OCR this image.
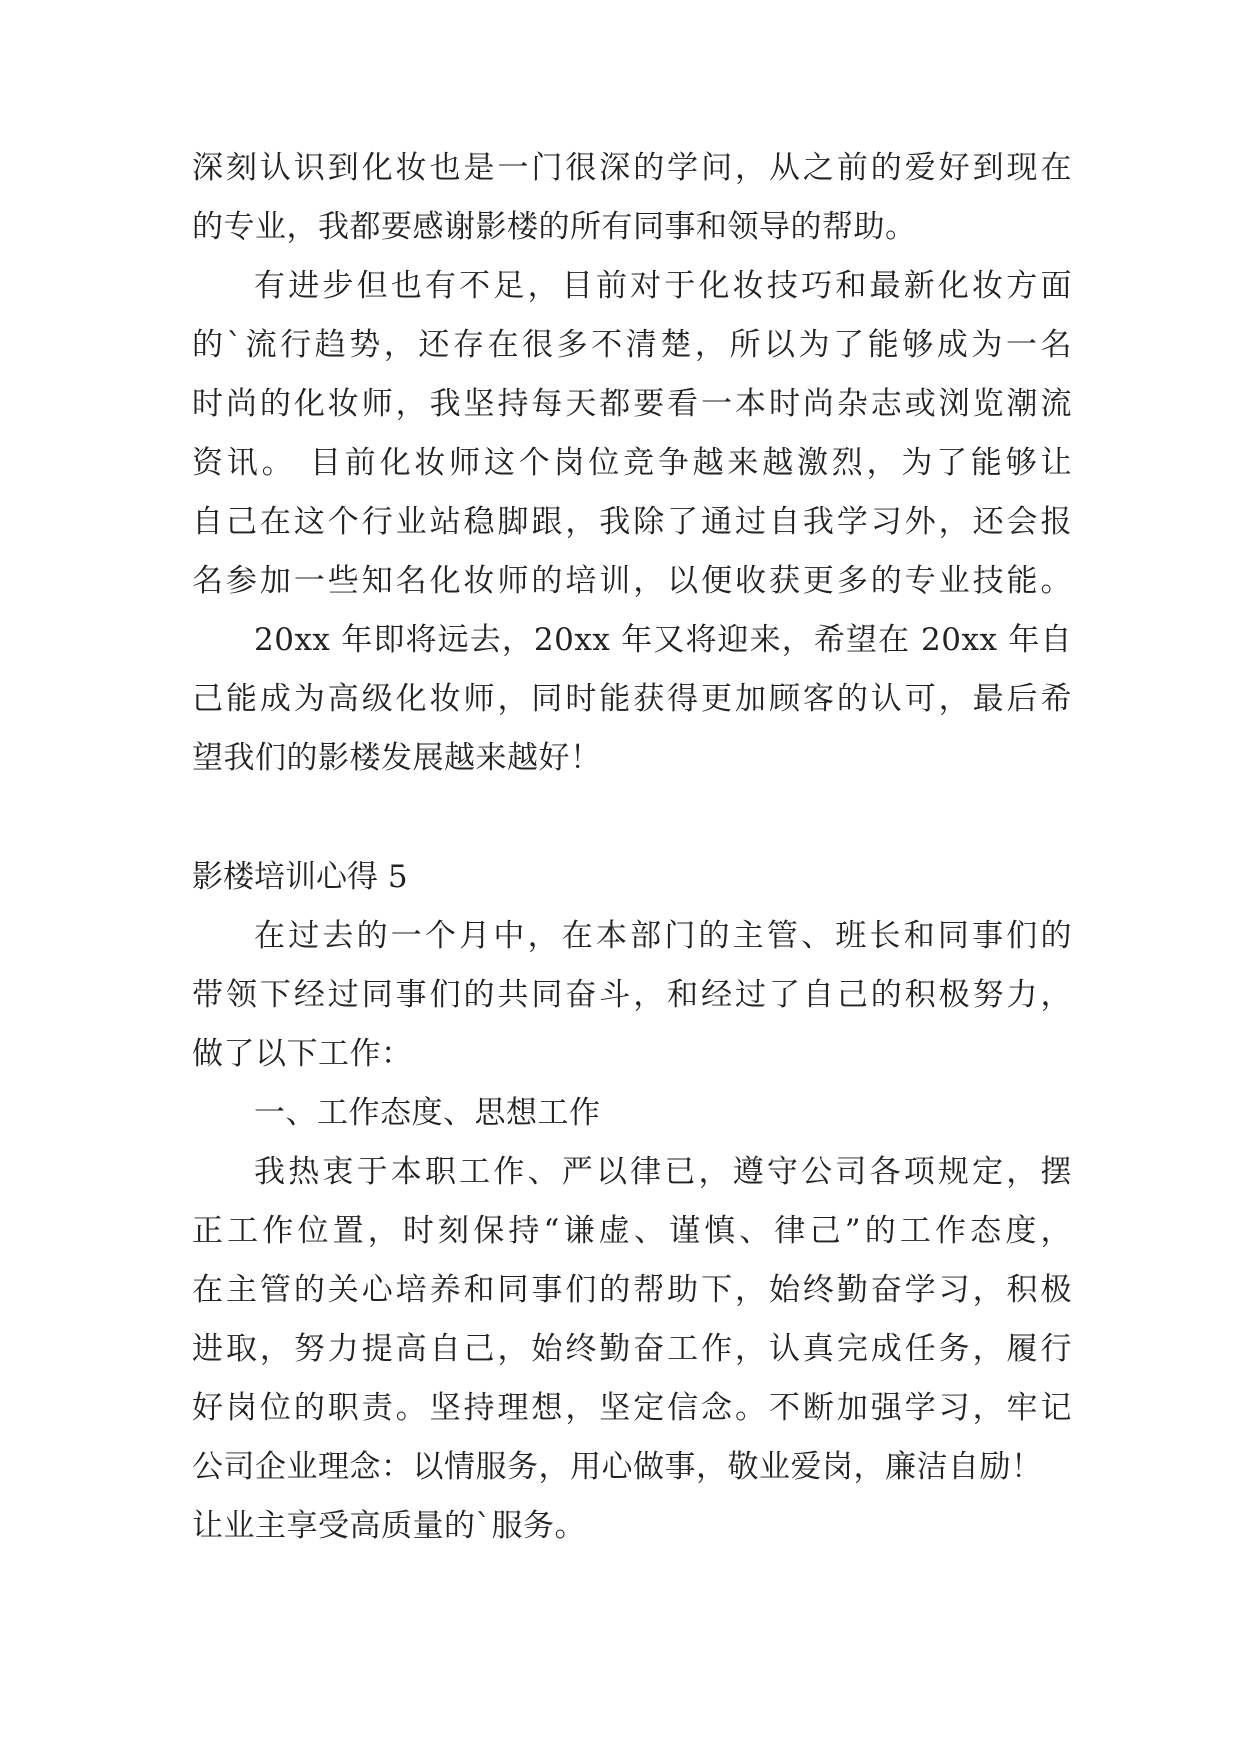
深刻认识到化妆也是一门很深的学问，从之前的爱好到现在
的专业，我都要感谢影楼的所有同事和领导的帮助。
有进步但也有不足，目前对于化妆技巧和最新化妆方面
的`流行趋势，还存在很多不清楚，所以为了能够成为一名
时尚的化妆师，我坚持每天都要看一本时尚杂志或浏览潮流
资讯。 目前化妆师这个岗位竞争越来越激烈，为了能够让
自己在这个行业站稳脚跟，我除了通过自我学习外，还会报
名参加一些知名化妆师的培训，以便收获更多的专业技能。
20xx 年即将远去，20xx 年又将迎来，希望在 20xx 年自
己能成为高级化妆师，同时能获得更加顾客的认可，最后希
望我们的影楼发展越来越好！
影楼培训心得 5
在过去的一个月中，在本部门的主管、班长和同事们的
带领下经过同事们的共同奋斗，和经过了自己的积极努力，
做了以下工作：
一、工作态度、思想工作
我热衷于本职工作、严以律已，遵守公司各项规定，摆
正工作位置，时刻保持“谦虚、谨慎、律己”的工作态度，
在主管的关心培养和同事们的帮助下，始终勤奋学习，积极
进取，努力提高自己，始终勤奋工作，认真完成任务，履行
好岗位的职责。坚持理想，坚定信念。不断加强学习，牢记
公司企业理念：以情服务，用心做事，敬业爱岗，廉洁自励！
让业主享受高质量的`服务。
